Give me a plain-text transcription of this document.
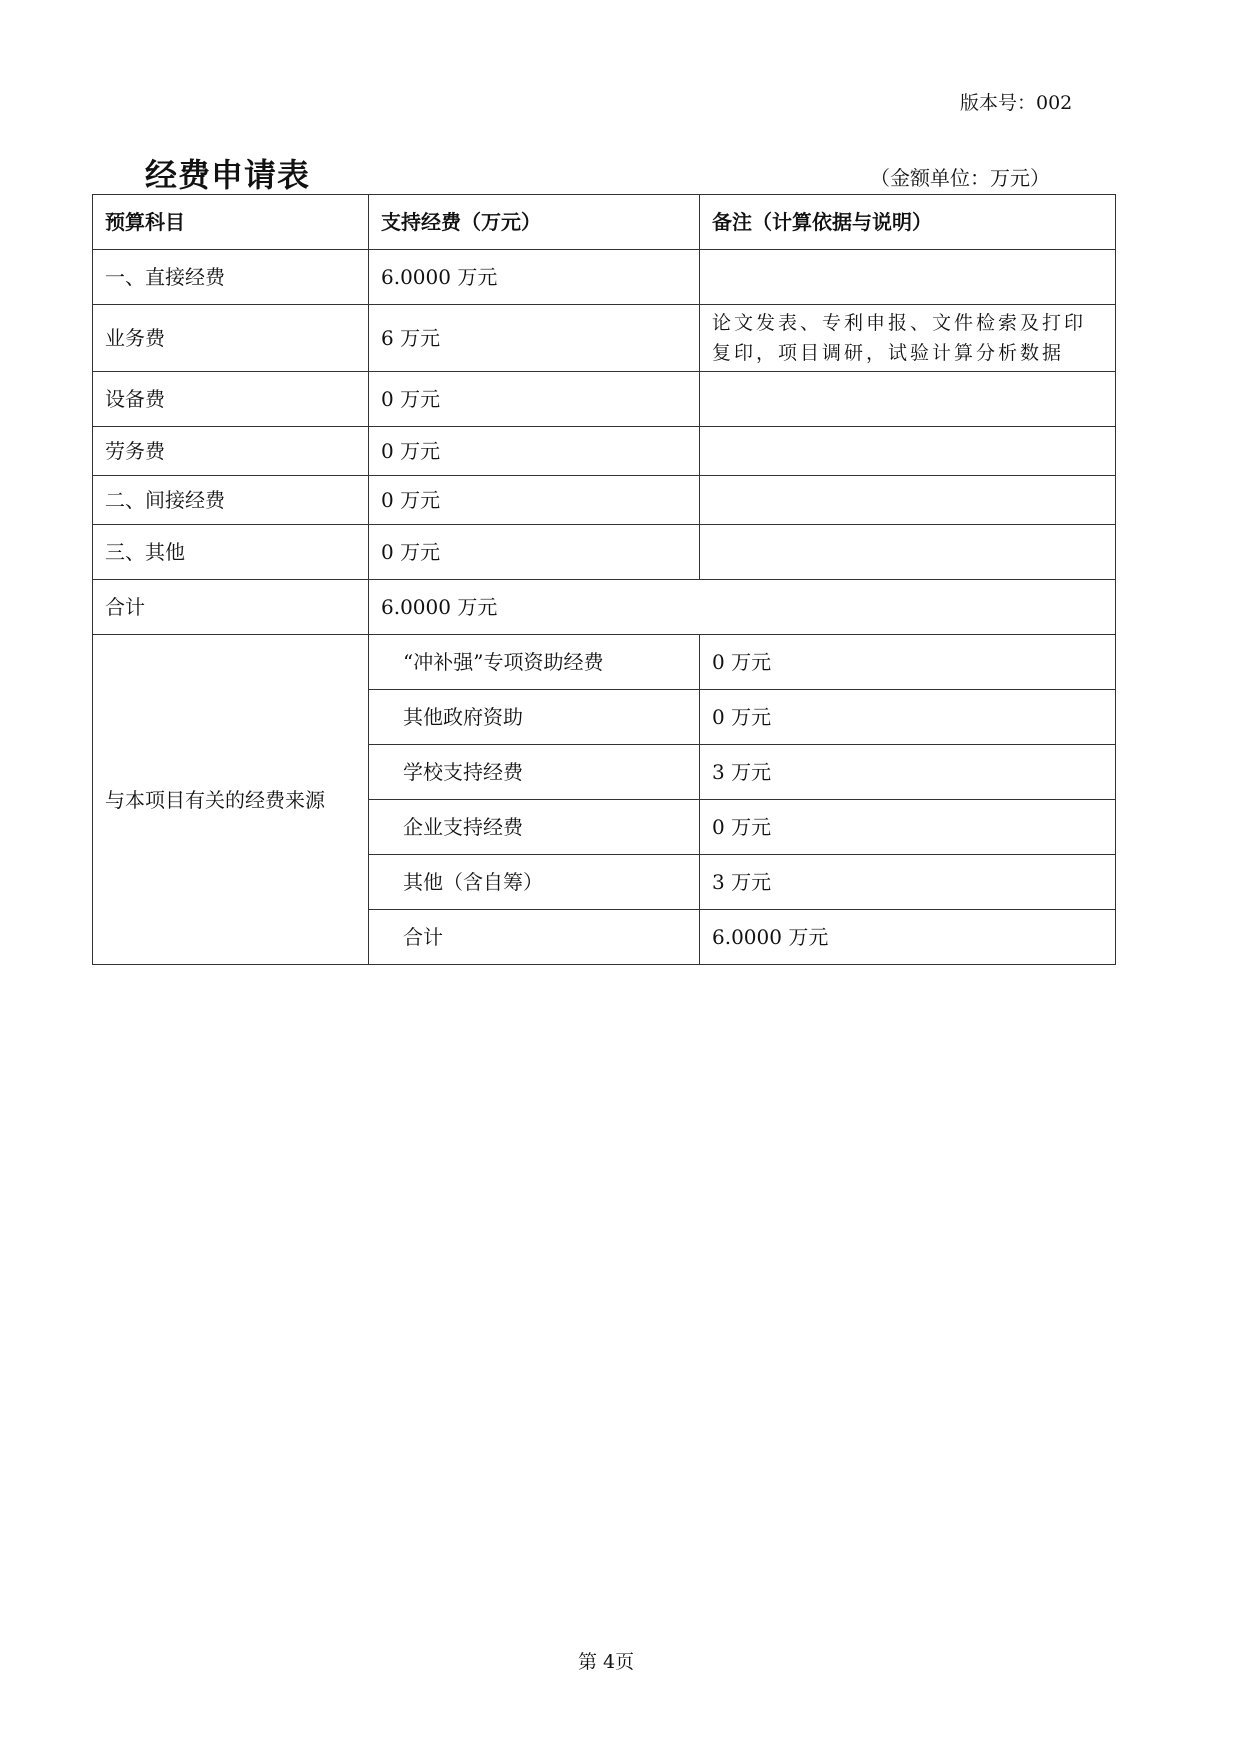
版本号：002
经费申请表	（金额单位：万元）
预算科目	支持经费（万元）	备注（计算依据与说明）
一、直接经费	6.0000 万元	
业务费	6 万元	论文发表、专利申报、文件检索及打印复印，项目调研，试验计算分析数据
设备费	0 万元	
劳务费	0 万元	
二、间接经费	0 万元	
三、其他	0 万元	
合计	6.0000 万元	
与本项目有关的经费来源	“冲补强”专项资助经费	0 万元
	其他政府资助	0 万元
	学校支持经费	3 万元
	企业支持经费	0 万元
	其他（含自筹）	3 万元
	合计	6.0000 万元
第 4页
